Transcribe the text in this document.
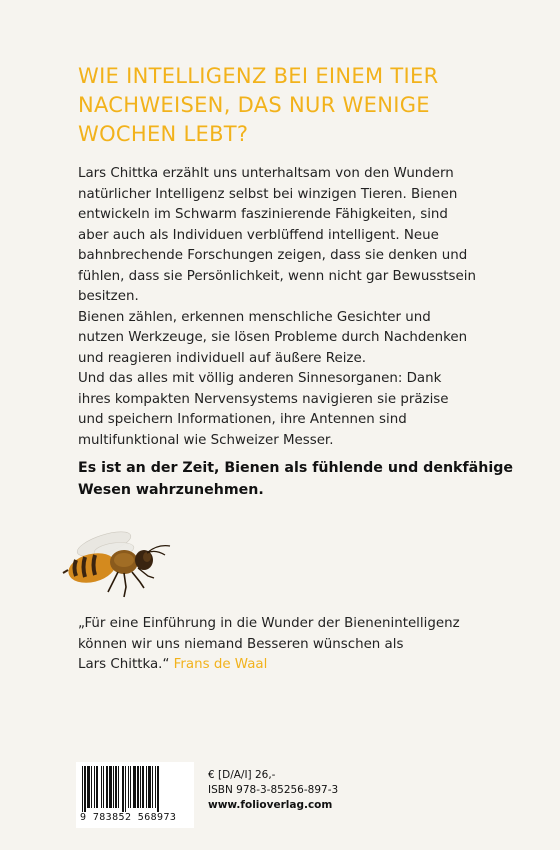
WIE INTELLIGENZ BEI EINEM TIER
NACHWEISEN, DAS NUR WENIGE
WOCHEN LEBT?
Lars Chittka erzählt uns unterhaltsam von den Wundern
natürlicher Intelligenz selbst bei winzigen Tieren. Bienen
entwickeln im Schwarm faszinierende Fähigkeiten, sind
aber auch als Individuen verblüffend intelligent. Neue
bahnbrechende Forschungen zeigen, dass sie denken und
fühlen, dass sie Persönlichkeit, wenn nicht gar Bewusstsein
besitzen.
Bienen zählen, erkennen menschliche Gesichter und
nutzen Werkzeuge, sie lösen Probleme durch Nachdenken
und reagieren individuell auf äußere Reize.
Und das alles mit völlig anderen Sinnesorganen: Dank
ihres kompakten Nervensystems navigieren sie präzise
und speichern Informationen, ihre Antennen sind
multifunktional wie Schweizer Messer.
Es ist an der Zeit, Bienen als fühlende und denkfähige
Wesen wahrzunehmen.
„Für eine Einführung in die Wunder der Bienenintelligenz
können wir uns niemand Besseren wünschen als
Lars Chittka.“ Frans de Waal
9 783852 568973
€ [D/A/I] 26,-
ISBN 978-3-85256-897-3
www.folioverlag.com
